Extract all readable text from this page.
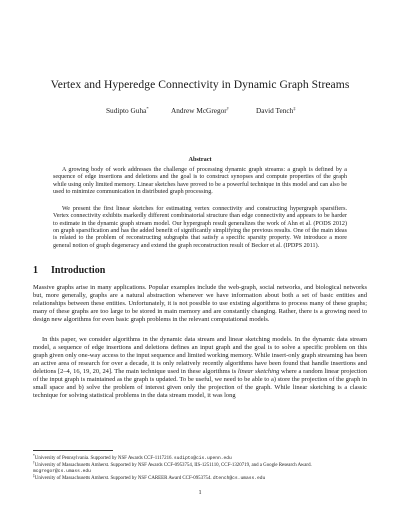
Vertex and Hyperedge Connectivity in Dynamic Graph Streams
Sudipto Guha*	Andrew McGregor†	David Tench‡
Abstract

A growing body of work addresses the challenge of processing dynamic graph streams: a graph is defined by a sequence of edge insertions and deletions and the goal is to construct synopses and compute properties of the graph while using only limited memory. Linear sketches have proved to be a powerful technique in this model and can also be used to minimize communication in distributed graph processing.

We present the first linear sketches for estimating vertex connectivity and constructing hypergraph sparsifiers. Vertex connectivity exhibits markedly different combinatorial structure than edge connectivity and appears to be harder to estimate in the dynamic graph stream model. Our hypergraph result generalizes the work of Ahn et al. (PODS 2012) on graph sparsification and has the added benefit of significantly simplifying the previous results. One of the main ideas is related to the problem of reconstructing subgraphs that satisfy a specific sparsity property. We introduce a more general notion of graph degeneracy and extend the graph reconstruction result of Becker et al. (IPDPS 2011).

1 Introduction

Massive graphs arise in many applications. Popular examples include the web-graph, social networks, and biological networks but, more generally, graphs are a natural abstraction whenever we have information about both a set of basic entities and relationships between these entities. Unfortunately, it is not possible to use existing algorithms to process many of these graphs; many of these graphs are too large to be stored in main memory and are constantly changing. Rather, there is a growing need to design new algorithms for even basic graph problems in the relevant computational models.

In this paper, we consider algorithms in the dynamic data stream and linear sketching models. In the dynamic data stream model, a sequence of edge insertions and deletions defines an input graph and the goal is to solve a specific problem on this graph given only one-way access to the input sequence and limited working memory. While insert-only graph streaming has been an active area of research for over a decade, it is only relatively recently algorithms have been found that handle insertions and deletions [2–4, 16, 19, 20, 24]. The main technique used in these algorithms is linear sketching where a random linear projection of the input graph is maintained as the graph is updated. To be useful, we need to be able to a) store the projection of the graph in small space and b) solve the problem of interest given only the projection of the graph. While linear sketching is a classic technique for solving statistical problems in the data stream model, it was long

*University of Pennsylvania. Supported by NSF Awards CCF-1117216. sudipto@cis.upenn.edu
†University of Massachusetts Amherst. Supported by NSF Awards CCF-0953754, IIS-1251110, CCF-1320719, and a Google Research Award. mcgregor@cs.umass.edu
‡University of Massachusetts Amherst. Supported by NSF CAREER Award CCF-0953754. dtench@cs.umass.edu
1
